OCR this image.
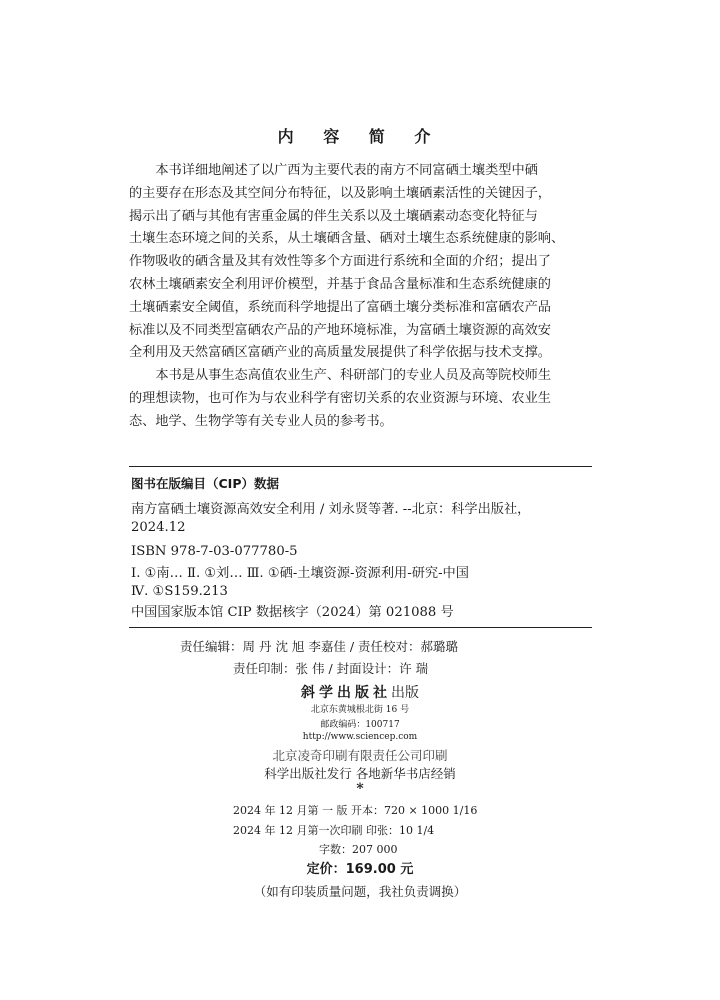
内 容 简 介
本书详细地阐述了以广西为主要代表的南方不同富硒土壤类型中硒
的主要存在形态及其空间分布特征，以及影响土壤硒素活性的关键因子，
揭示出了硒与其他有害重金属的伴生关系以及土壤硒素动态变化特征与
土壤生态环境之间的关系，从土壤硒含量、硒对土壤生态系统健康的影响、
作物吸收的硒含量及其有效性等多个方面进行系统和全面的介绍；提出了
农林土壤硒素安全利用评价模型，并基于食品含量标准和生态系统健康的
土壤硒素安全阈值，系统而科学地提出了富硒土壤分类标准和富硒农产品
标准以及不同类型富硒农产品的产地环境标准，为富硒土壤资源的高效安
全利用及天然富硒区富硒产业的高质量发展提供了科学依据与技术支撑。
本书是从事生态高值农业生产、科研部门的专业人员及高等院校师生
的理想读物，也可作为与农业科学有密切关系的农业资源与环境、农业生
态、地学、生物学等有关专业人员的参考书。
图书在版编目（CIP）数据
南方富硒土壤资源高效安全利用 / 刘永贤等著. --北京：科学出版社，
2024.12
ISBN 978-7-03-077780-5
Ⅰ. ①南… Ⅱ. ①刘… Ⅲ. ①硒-土壤资源-资源利用-研究-中国
Ⅳ. ①S159.213
中国国家版本馆 CIP 数据核字（2024）第 021088 号
责任编辑：周 丹 沈 旭 李嘉佳 / 责任校对：郝璐璐
责任印制：张 伟 / 封面设计：许 瑞
斜学出版社出版
北京东黄城根北街 16 号
邮政编码：100717
http://www.sciencep.com
北京凌奇印刷有限责任公司印刷
科学出版社发行 各地新华书店经销
*
2024 年 12 月第 一 版 开本：720 × 1000 1/16
2024 年 12 月第一次印刷 印张：10 1/4
字数：207 000
定价：169.00 元
（如有印装质量问题，我社负责调换）
